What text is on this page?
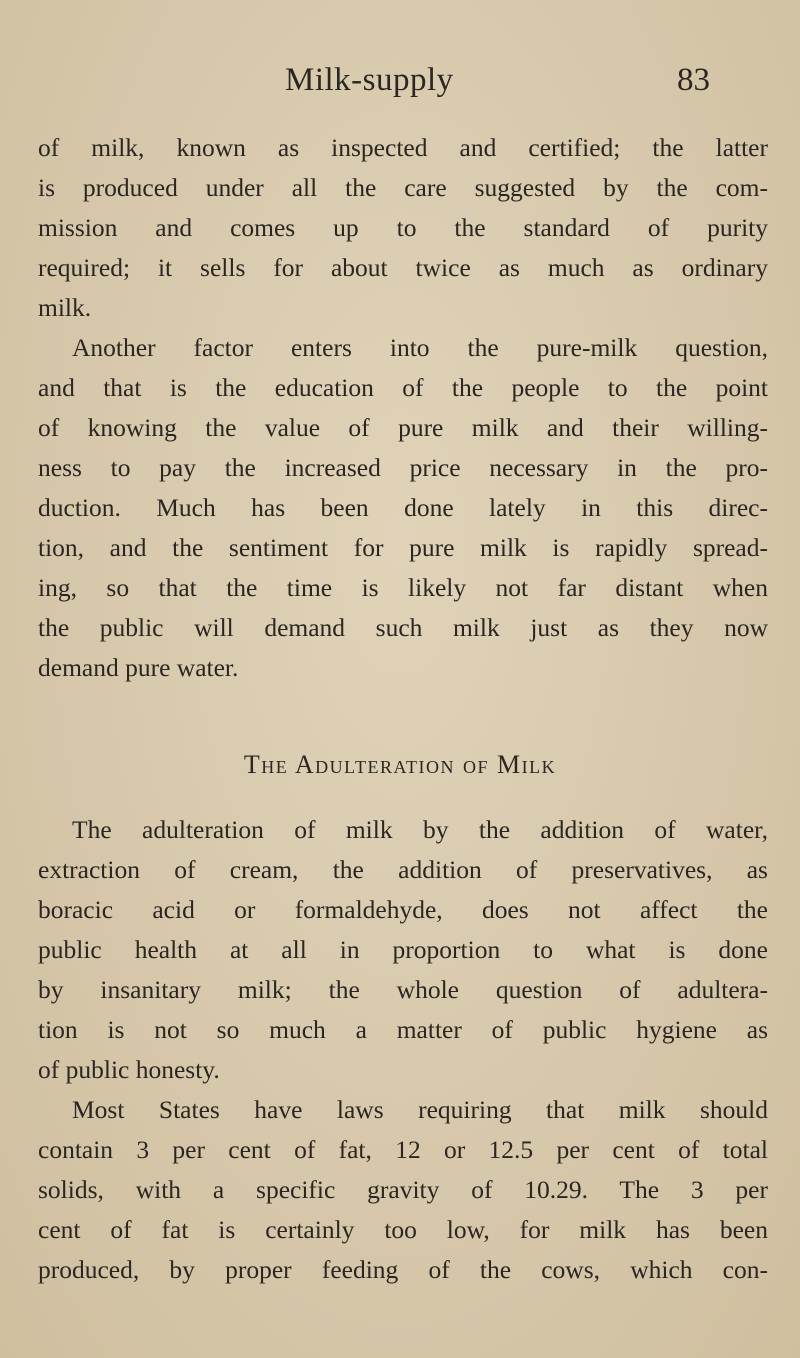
Milk-supply	83
of milk, known as inspected and certified; the latter
is produced under all the care suggested by the com-
mission and comes up to the standard of purity
required; it sells for about twice as much as ordinary
milk.
Another factor enters into the pure-milk question,
and that is the education of the people to the point
of knowing the value of pure milk and their willing-
ness to pay the increased price necessary in the pro-
duction. Much has been done lately in this direc-
tion, and the sentiment for pure milk is rapidly spread-
ing, so that the time is likely not far distant when
the public will demand such milk just as they now
demand pure water.
The Adulteration of Milk
The adulteration of milk by the addition of water,
extraction of cream, the addition of preservatives, as
boracic acid or formaldehyde, does not affect the
public health at all in proportion to what is done
by insanitary milk; the whole question of adultera-
tion is not so much a matter of public hygiene as
of public honesty.
Most States have laws requiring that milk should
contain 3 per cent of fat, 12 or 12.5 per cent of total
solids, with a specific gravity of 10.29. The 3 per
cent of fat is certainly too low, for milk has been
produced, by proper feeding of the cows, which con-
